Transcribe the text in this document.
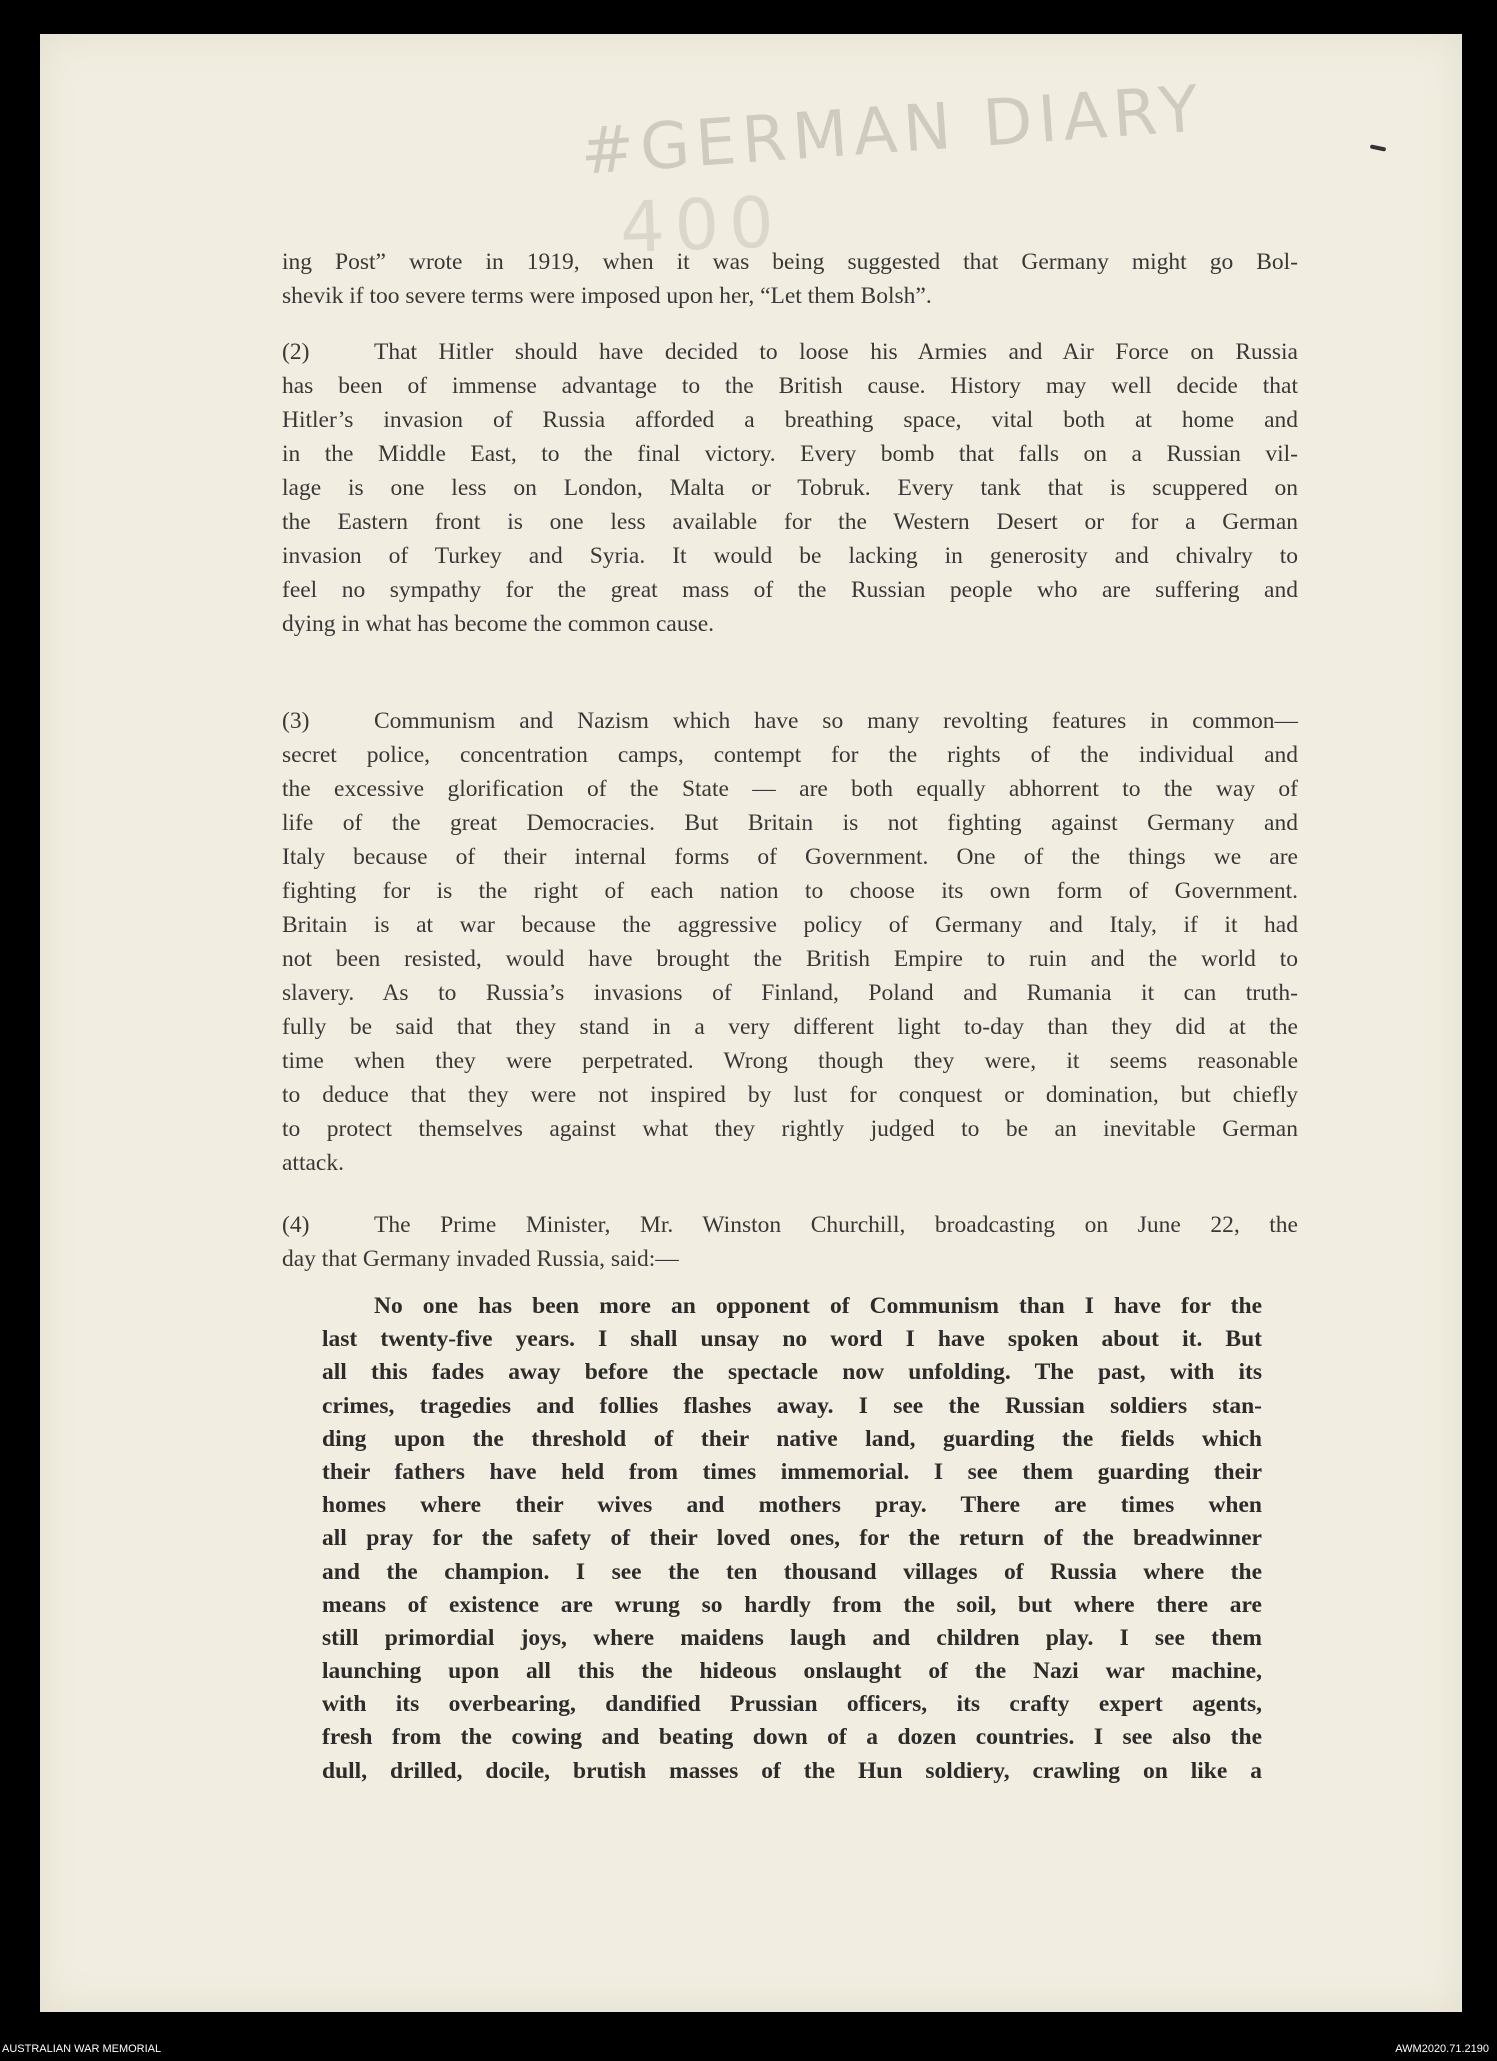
#GERMAN DIARY
400
ing Post” wrote in 1919, when it was being suggested that Germany might go Bol-
shevik if too severe terms were imposed upon her, “Let them Bolsh”.
(2)	That Hitler should have decided to loose his Armies and Air Force on Russia
has been of immense advantage to the British cause. History may well decide that
Hitler’s invasion of Russia afforded a breathing space, vital both at home and
in the Middle East, to the final victory. Every bomb that falls on a Russian vil-
lage is one less on London, Malta or Tobruk. Every tank that is scuppered on
the Eastern front is one less available for the Western Desert or for a German
invasion of Turkey and Syria. It would be lacking in generosity and chivalry to
feel no sympathy for the great mass of the Russian people who are suffering and
dying in what has become the common cause.
(3)	Communism and Nazism which have so many revolting features in common—
secret police, concentration camps, contempt for the rights of the individual and
the excessive glorification of the State — are both equally abhorrent to the way of
life of the great Democracies. But Britain is not fighting against Germany and
Italy because of their internal forms of Government. One of the things we are
fighting for is the right of each nation to choose its own form of Government.
Britain is at war because the aggressive policy of Germany and Italy, if it had
not been resisted, would have brought the British Empire to ruin and the world to
slavery. As to Russia’s invasions of Finland, Poland and Rumania it can truth-
fully be said that they stand in a very different light to-day than they did at the
time when they were perpetrated. Wrong though they were, it seems reasonable
to deduce that they were not inspired by lust for conquest or domination, but chiefly
to protect themselves against what they rightly judged to be an inevitable German
attack.
(4)	The Prime Minister, Mr. Winston Churchill, broadcasting on June 22, the
day that Germany invaded Russia, said:—
No one has been more an opponent of Communism than I have for the
last twenty-five years. I shall unsay no word I have spoken about it. But
all this fades away before the spectacle now unfolding. The past, with its
crimes, tragedies and follies flashes away. I see the Russian soldiers stan-
ding upon the threshold of their native land, guarding the fields which
their fathers have held from times immemorial. I see them guarding their
homes where their wives and mothers pray. There are times when
all pray for the safety of their loved ones, for the return of the breadwinner
and the champion. I see the ten thousand villages of Russia where the
means of existence are wrung so hardly from the soil, but where there are
still primordial joys, where maidens laugh and children play. I see them
launching upon all this the hideous onslaught of the Nazi war machine,
with its overbearing, dandified Prussian officers, its crafty expert agents,
fresh from the cowing and beating down of a dozen countries. I see also the
dull, drilled, docile, brutish masses of the Hun soldiery, crawling on like a
AUSTRALIAN WAR MEMORIAL	AWM2020.71.2190
